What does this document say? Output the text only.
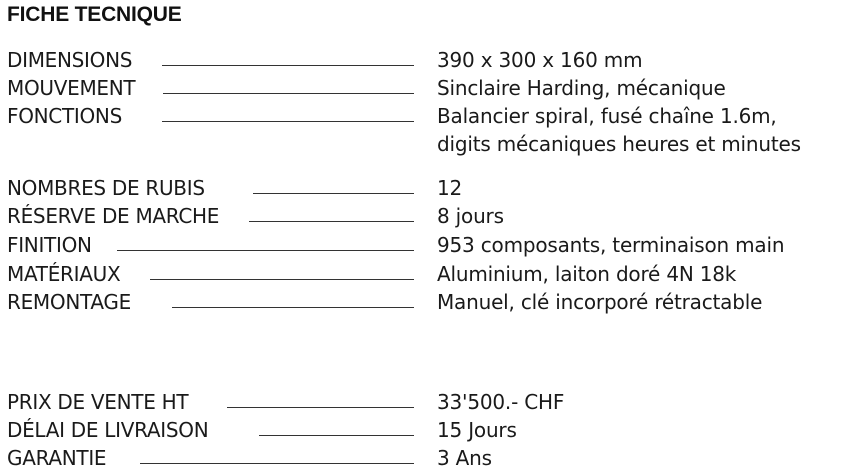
FICHE TECNIQUE
DIMENSIONS	390 x 300 x 160 mm
MOUVEMENT	Sinclaire Harding, mécanique
FONCTIONS	Balancier spiral, fusé chaîne 1.6m,
digits mécaniques heures et minutes
NOMBRES DE RUBIS	12
RÉSERVE DE MARCHE	8 jours
FINITION	953 composants, terminaison main
MATÉRIAUX	Aluminium, laiton doré 4N 18k
REMONTAGE	Manuel, clé incorporé rétractable
PRIX DE VENTE HT	33'500.- CHF
DÉLAI DE LIVRAISON	15 Jours
GARANTIE	3 Ans
